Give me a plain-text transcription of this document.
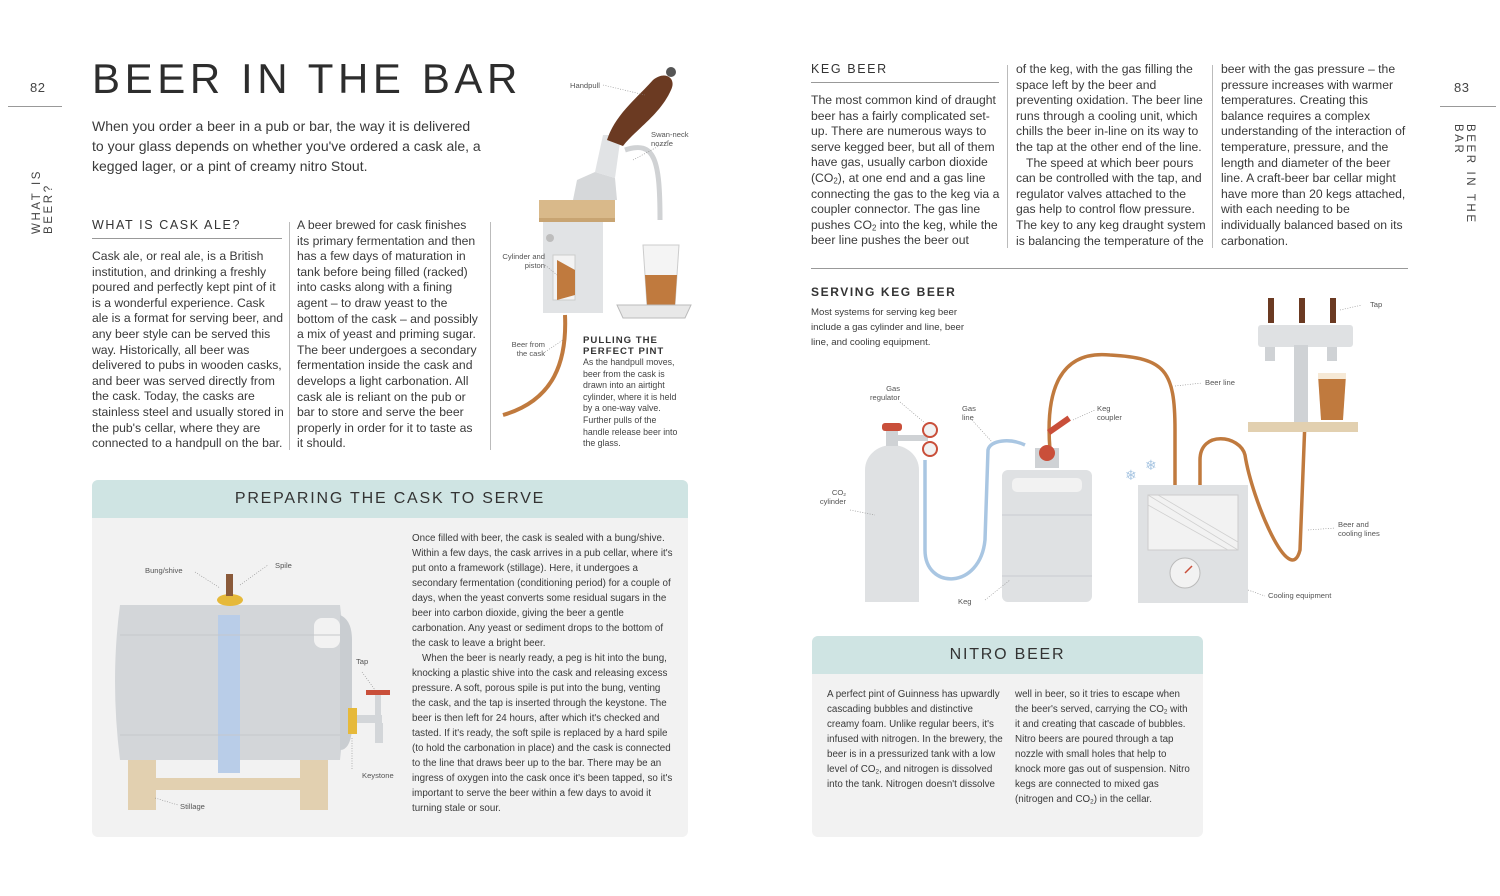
82
WHAT IS BEER?
BEER IN THE BAR
When you order a beer in a pub or bar, the way it is delivered to your glass depends on whether you've ordered a cask ale, a kegged lager, or a pint of creamy nitro Stout.
WHAT IS CASK ALE?
Cask ale, or real ale, is a British institution, and drinking a freshly poured and perfectly kept pint of it is a wonderful experience. Cask ale is a format for serving beer, and any beer style can be served this way. Historically, all beer was delivered to pubs in wooden casks, and beer was served directly from the cask. Today, the casks are stainless steel and usually stored in the pub's cellar, where they are connected to a handpull on the bar.
A beer brewed for cask finishes its primary fermentation and then has a few days of maturation in tank before being filled (racked) into casks along with a fining agent – to draw yeast to the bottom of the cask – and possibly a mix of yeast and priming sugar. The beer undergoes a secondary fermentation inside the cask and develops a light carbonation. All cask ale is reliant on the pub or bar to store and serve the beer properly in order for it to taste as it should.
Handpull
Swan-neck nozzle
Cylinder and piston
Beer from the cask
PULLING THE PERFECT PINT
As the handpull moves, beer from the cask is drawn into an airtight cylinder, where it is held by a one-way valve. Further pulls of the handle release beer into the glass.
PREPARING THE CASK TO SERVE
Bung/shive
Spile
Tap
Keystone
Stillage
Once filled with beer, the cask is sealed with a bung/shive. Within a few days, the cask arrives in a pub cellar, where it's put onto a framework (stillage). Here, it undergoes a secondary fermentation (conditioning period) for a couple of days, when the yeast converts some residual sugars in the beer into carbon dioxide, giving the beer a gentle carbonation. Any yeast or sediment drops to the bottom of the cask to leave a bright beer.
When the beer is nearly ready, a peg is hit into the bung, knocking a plastic shive into the cask and releasing excess pressure. A soft, porous spile is put into the bung, venting the cask, and the tap is inserted through the keystone. The beer is then left for 24 hours, after which it's checked and tasted. If it's ready, the soft spile is replaced by a hard spile (to hold the carbonation in place) and the cask is connected to the line that draws beer up to the bar. There may be an ingress of oxygen into the cask once it's been tapped, so it's important to serve the beer within a few days to avoid it turning stale or sour.
83
BEER IN THE BAR
KEG BEER
The most common kind of draught beer has a fairly complicated set-up. There are numerous ways to serve kegged beer, but all of them have gas, usually carbon dioxide $(CO_2)$, at one end and a gas line connecting the gas to the keg via a coupler connector. The gas line pushes $CO_2$ into the keg, while the beer line pushes the beer out
of the keg, with the gas filling the space left by the beer and preventing oxidation. The beer line runs through a cooling unit, which chills the beer in-line on its way to the tap at the other end of the line.
The speed at which beer pours can be controlled with the tap, and regulator valves attached to the gas help to control flow pressure. The key to any keg draught system is balancing the temperature of the
beer with the gas pressure – the pressure increases with warmer temperatures. Creating this balance requires a complex understanding of the interaction of temperature, pressure, and the length and diameter of the beer line. A craft-beer bar cellar might have more than 20 kegs attached, with each needing to be individually balanced based on its carbonation.
SERVING KEG BEER
Most systems for serving keg beer include a gas cylinder and line, beer line, and cooling equipment.
❄
❄
Gas regulator
Gas line
Keg coupler
Beer line
Tap
$CO_2$ cylinder
Keg
Beer and cooling lines
Cooling equipment
NITRO BEER
A perfect pint of Guinness has upwardly cascading bubbles and distinctive creamy foam. Unlike regular beers, it's infused with nitrogen. In the brewery, the beer is in a pressurized tank with a low level of $CO_2$, and nitrogen is dissolved into the tank. Nitrogen doesn't dissolve
well in beer, so it tries to escape when the beer's served, carrying the $CO_2$ with it and creating that cascade of bubbles. Nitro beers are poured through a tap nozzle with small holes that help to knock more gas out of suspension. Nitro kegs are connected to mixed gas (nitrogen and $CO_2$) in the cellar.
